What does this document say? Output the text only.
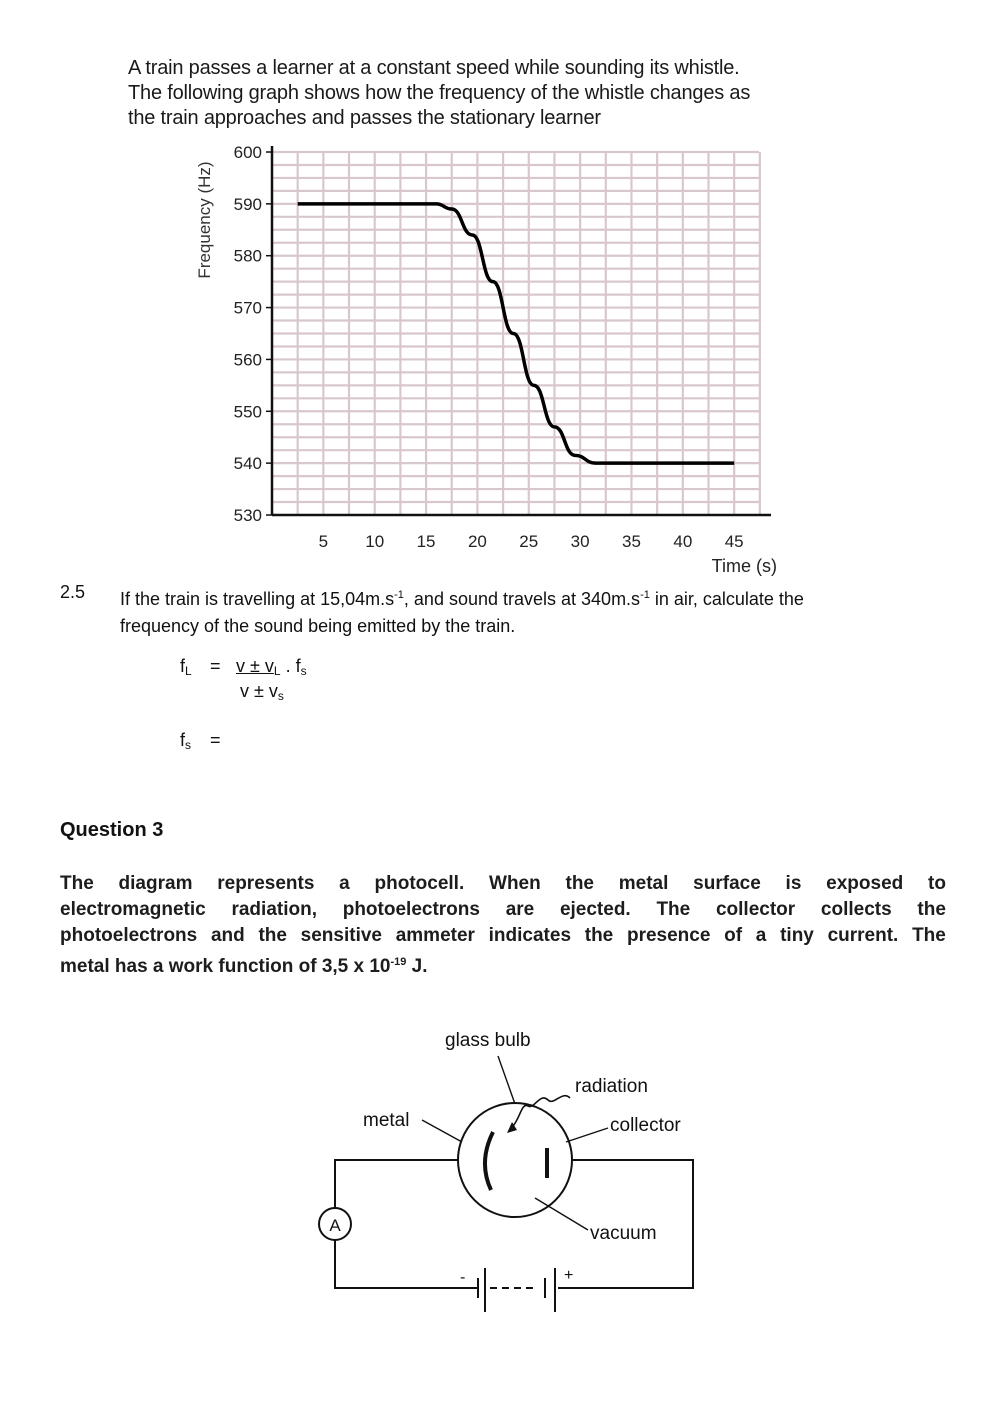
A train passes a learner at a constant speed while sounding its whistle.
The following graph shows how the frequency of the whistle changes as
the train approaches and passes the stationary learner
600
590
580
570
560
550
540
530
5 10 15 20 25 30 35 40 45
Time (s)
Frequency (Hz)
2.5 If the train is travelling at $15,04m.s^{-1}$, and sound travels at $340m.s^{-1}$ in air, calculate the
frequency of the sound being emitted by the train.
$f_L = v \pm v_L$ . $f_s$
$v \pm v_s$
$f_s$ =
Question 3
The diagram represents a photocell. When the metal surface is exposed to
electromagnetic radiation, photoelectrons are ejected. The collector collects the
photoelectrons and the sensitive ammeter indicates the presence of a tiny current. The
metal has a work function of 3,5 x $10^{-19}$ J.
A
-	+
glass bulb
radiation
metal	collector
vacuum
